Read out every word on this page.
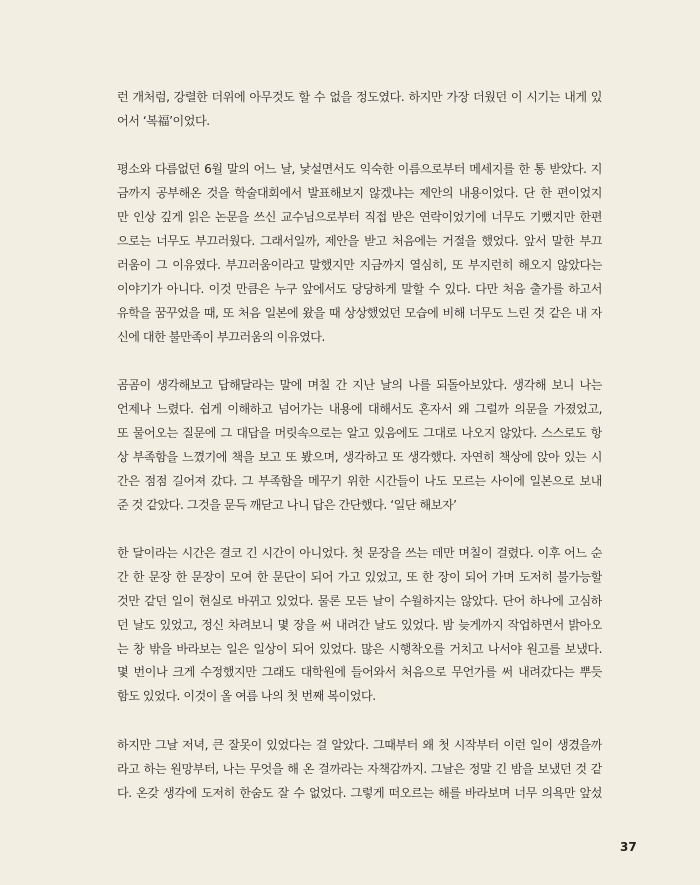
런 개처럼, 강렬한 더위에 아무것도 할 수 없을 정도였다. 하지만 가장 더웠던 이 시기는 내게 있
어서 ‘복福’이었다.
평소와 다름없던 6월 말의 어느 날, 낯설면서도 익숙한 이름으로부터 메세지를 한 통 받았다. 지
금까지 공부해온 것을 학술대회에서 발표해보지 않겠냐는 제안의 내용이었다. 단 한 편이었지
만 인상 깊게 읽은 논문을 쓰신 교수님으로부터 직접 받은 연락이었기에 너무도 기뻤지만 한편
으로는 너무도 부끄러웠다. 그래서일까, 제안을 받고 처음에는 거절을 했었다. 앞서 말한 부끄
러움이 그 이유였다. 부끄러움이라고 말했지만 지금까지 열심히, 또 부지런히 해오지 않았다는
이야기가 아니다. 이것 만큼은 누구 앞에서도 당당하게 말할 수 있다. 다만 처음 출가를 하고서
유학을 꿈꾸었을 때, 또 처음 일본에 왔을 때 상상했었던 모습에 비해 너무도 느린 것 같은 내 자
신에 대한 불만족이 부끄러움의 이유였다.
곰곰이 생각해보고 답해달라는 말에 며칠 간 지난 날의 나를 되돌아보았다. 생각해 보니 나는
언제나 느렸다. 쉽게 이해하고 넘어가는 내용에 대해서도 혼자서 왜 그럴까 의문을 가졌었고,
또 물어오는 질문에 그 대답을 머릿속으로는 알고 있음에도 그대로 나오지 않았다. 스스로도 항
상 부족함을 느꼈기에 책을 보고 또 봤으며, 생각하고 또 생각했다. 자연히 책상에 앉아 있는 시
간은 점점 길어져 갔다. 그 부족함을 메꾸기 위한 시간들이 나도 모르는 사이에 일본으로 보내
준 것 같았다. 그것을 문득 깨닫고 나니 답은 간단했다. ‘일단 해보자’
한 달이라는 시간은 결코 긴 시간이 아니었다. 첫 문장을 쓰는 데만 며칠이 걸렸다. 이후 어느 순
간 한 문장 한 문장이 모여 한 문단이 되어 가고 있었고, 또 한 장이 되어 가며 도저히 불가능할
것만 같던 일이 현실로 바뀌고 있었다. 물론 모든 날이 수월하지는 않았다. 단어 하나에 고심하
던 날도 있었고, 정신 차려보니 몇 장을 써 내려간 날도 있었다. 밤 늦게까지 작업하면서 밝아오
는 창 밖을 바라보는 일은 일상이 되어 있었다. 많은 시행착오를 거치고 나서야 원고를 보냈다.
몇 번이나 크게 수정했지만 그래도 대학원에 들어와서 처음으로 무언가를 써 내려갔다는 뿌듯
함도 있었다. 이것이 올 여름 나의 첫 번째 복이었다.
하지만 그날 저녁, 큰 잘못이 있었다는 걸 알았다. 그때부터 왜 첫 시작부터 이런 일이 생겼을까
라고 하는 원망부터, 나는 무엇을 해 온 걸까라는 자책감까지. 그날은 정말 긴 밤을 보냈던 것 같
다. 온갖 생각에 도저히 한숨도 잘 수 없었다. 그렇게 떠오르는 해를 바라보며 너무 의욕만 앞섰
37
